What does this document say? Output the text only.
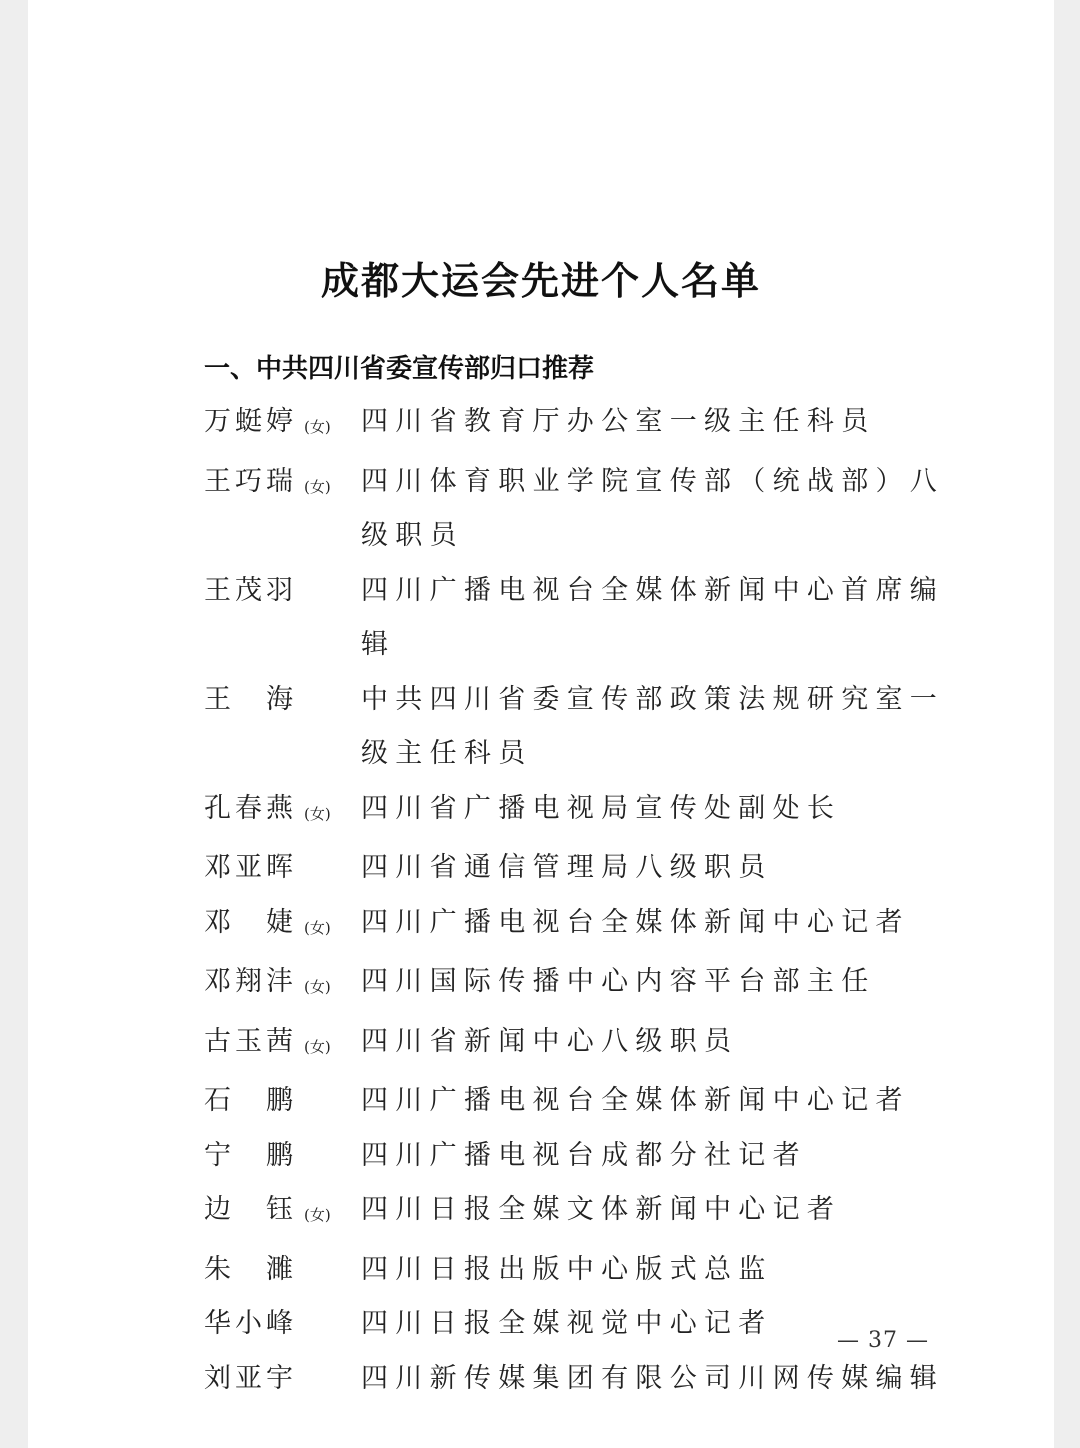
成都大运会先进个人名单
一、中共四川省委宣传部归口推荐
万蜓婷 (女)	四川省教育厅办公室一级主任科员
王巧瑞 (女)	四川体育职业学院宣传部（统战部）八级职员
王茂羽	四川广播电视台全媒体新闻中心首席编辑
王海	中共四川省委宣传部政策法规研究室一级主任科员
孔春燕 (女)	四川省广播电视局宣传处副处长
邓亚晖	四川省通信管理局八级职员
邓婕 (女)	四川广播电视台全媒体新闻中心记者
邓翔沣 (女)	四川国际传播中心内容平台部主任
古玉茜 (女)	四川省新闻中心八级职员
石鹏	四川广播电视台全媒体新闻中心记者
宁鹏	四川广播电视台成都分社记者
边钰 (女)	四川日报全媒文体新闻中心记者
朱濉	四川日报出版中心版式总监
华小峰	四川日报全媒视觉中心记者
刘亚宇	四川新传媒集团有限公司川网传媒编辑
— 37 —
